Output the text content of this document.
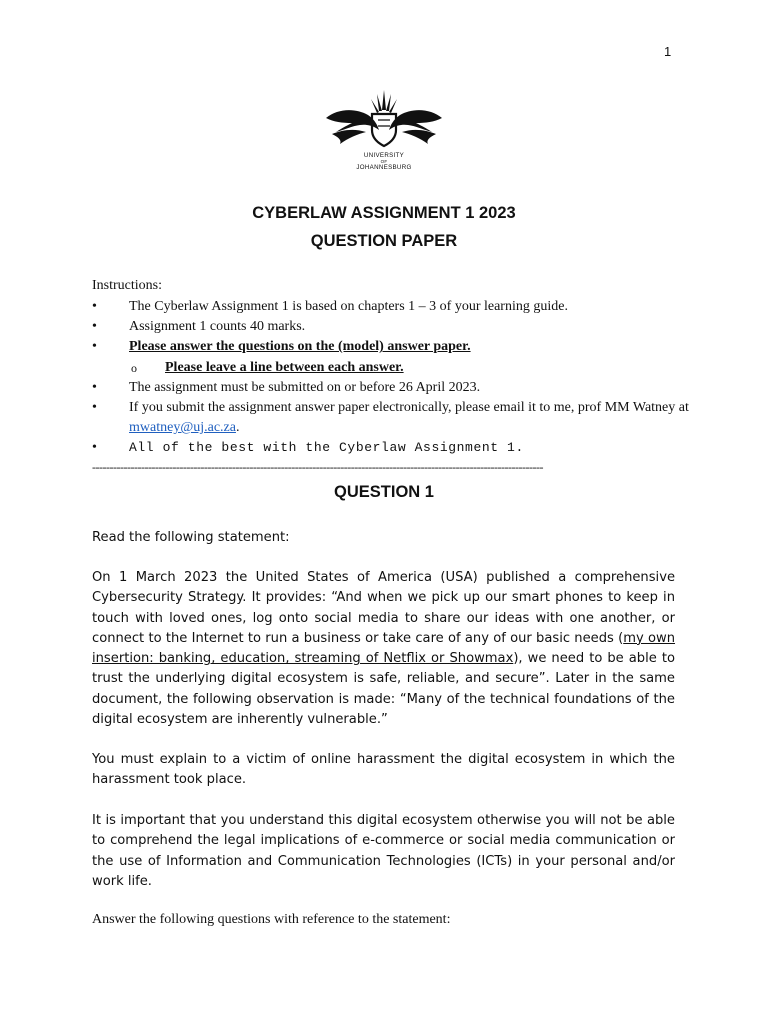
1
UNIVERSITY
OF
JOHANNESBURG
CYBERLAW ASSIGNMENT 1 2023
QUESTION PAPER
Instructions:
• The Cyberlaw Assignment 1 is based on chapters 1 – 3 of your learning guide.
• Assignment 1 counts 40 marks.
• Please answer the questions on the (model) answer paper.
o Please leave a line between each answer.
• The assignment must be submitted on or before 26 April 2023.
• If you submit the assignment answer paper electronically, please email it to me, prof MM Watney at mwatney@uj.ac.za.
• All of the best with the Cyberlaw Assignment 1.
---------------------------------------------------------------------------------------------------------------------------------
QUESTION 1
Read the following statement:
On 1 March 2023 the United States of America (USA) published a comprehensive Cybersecurity Strategy. It provides: “And when we pick up our smart phones to keep in touch with loved ones, log onto social media to share our ideas with one another, or connect to the Internet to run a business or take care of any of our basic needs (my own insertion: banking, education, streaming of Netflix or Showmax), we need to be able to trust the underlying digital ecosystem is safe, reliable, and secure”. Later in the same document, the following observation is made: “Many of the technical foundations of the digital ecosystem are inherently vulnerable.”
You must explain to a victim of online harassment the digital ecosystem in which the harassment took place.
It is important that you understand this digital ecosystem otherwise you will not be able to comprehend the legal implications of e-commerce or social media communication or the use of Information and Communication Technologies (ICTs) in your personal and/or work life.
Answer the following questions with reference to the statement:
